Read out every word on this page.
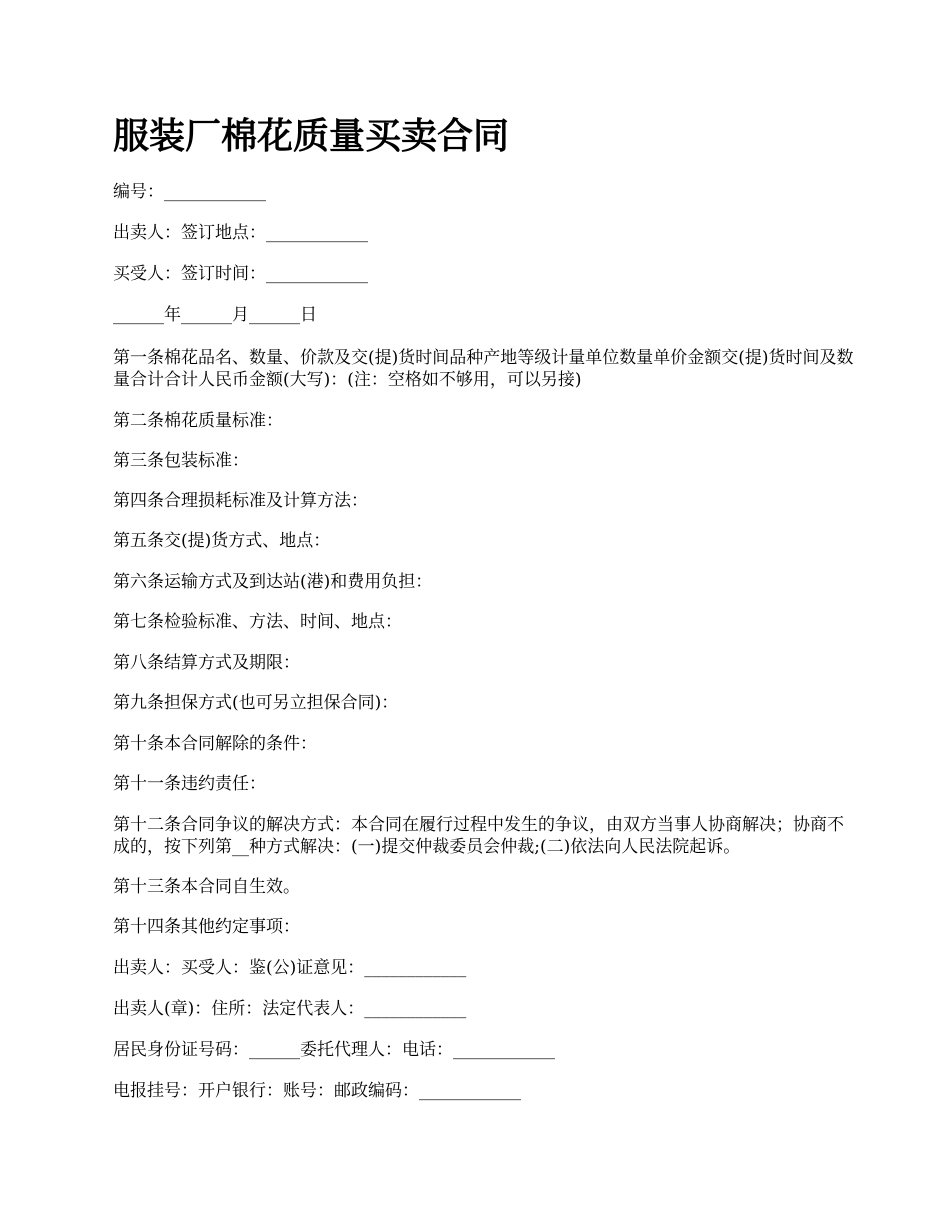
服装厂棉花质量买卖合同
编号：____________
出卖人：签订地点：____________
买受人：签订时间：____________
______年______月______日
第一条棉花品名、数量、价款及交(提)货时间品种产地等级计量单位数量单价金额交(提)货时间及数量合计合计人民币金额(大写)：(注：空格如不够用，可以另接)
第二条棉花质量标准：
第三条包装标准：
第四条合理损耗标准及计算方法：
第五条交(提)货方式、地点：
第六条运输方式及到达站(港)和费用负担：
第七条检验标准、方法、时间、地点：
第八条结算方式及期限：
第九条担保方式(也可另立担保合同)：
第十条本合同解除的条件：
第十一条违约责任：
第十二条合同争议的解决方式：本合同在履行过程中发生的争议，由双方当事人协商解决；协商不成的，按下列第__种方式解决：(一)提交仲裁委员会仲裁;(二)依法向人民法院起诉。
第十三条本合同自生效。
第十四条其他约定事项：
出卖人：买受人：鉴(公)证意见：____________
出卖人(章)：住所：法定代表人：____________
居民身份证号码：______委托代理人：电话：____________
电报挂号：开户银行：账号：邮政编码：____________
